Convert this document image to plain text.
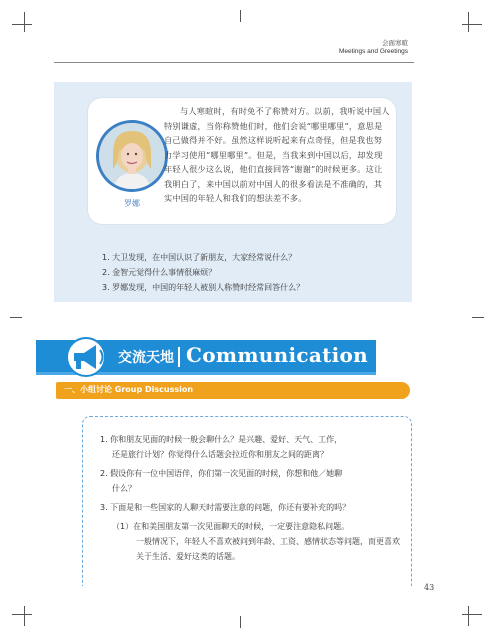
会面寒暄
Meetings and Greetings
罗娜
与人寒暄时，有时免不了称赞对方。以前，我听说中国人特别谦虚，当你称赞他们时，他们会说“哪里哪里”，意思是自己做得并不好。虽然这样说听起来有点奇怪，但是我也努力学习使用“哪里哪里”。但是，当我来到中国以后，却发现年轻人很少这么说，他们直接回答“谢谢”的时候更多。这让我明白了，来中国以前对中国人的很多看法是不准确的，其实中国的年轻人和我们的想法差不多。
1. 大卫发现，在中国认识了新朋友，大家经常说什么？
2. 金智元觉得什么事情很麻烦？
3. 罗娜发现，中国的年轻人被别人称赞时经常回答什么？
交流天地 Communication
一、小组讨论 Group Discussion
1. 你和朋友见面的时候一般会聊什么？是兴趣、爱好、天气、工作，
还是旅行计划？你觉得什么话题会拉近你和朋友之间的距离？
2. 假设你有一位中国语伴，你们第一次见面的时候，你想和他／她聊
什么？
3. 下面是和一些国家的人聊天时需要注意的问题，你还有要补充的吗？
（1）在和美国朋友第一次见面聊天的时候，一定要注意隐私问题。
一般情况下，年轻人不喜欢被问到年龄、工资、感情状态等问题，而更喜欢关于生活、爱好这类的话题。
43
